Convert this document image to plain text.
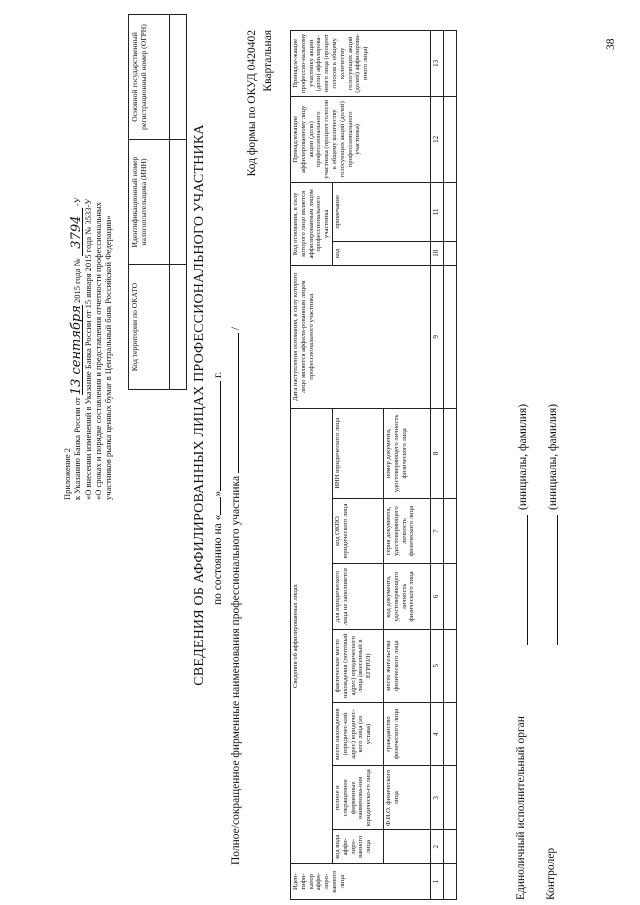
Приложение 2 к Указанию Банка России от 13 сентября 2015 года № 3794 -У «О внесении изменений в Указание Банка России от 15 января 2015 года № 3533-У «О сроках и порядке составления и представления отчетности профессиональных участников рынка ценных бумаг в Центральный банк Российской Федерации» Код территории по ОКАТО	Идентификационный номер налогоплательщика (ИНН)	Основной государственный регистрационный номер (ОГРН)

СВЕДЕНИЯ ОБ АФФИЛИРОВАННЫХ ЛИЦАХ ПРОФЕССИОНАЛЬНОГО УЧАСТНИКА по состоянию на «» г.
Полное/сокращенное фирменные наименования профессионального участника  /
Код формы по ОКУД 0420402 Квартальная
Иден-тифи-катор аффи-лиро-ванного лица	Сведения об аффилированных лицах							Дата наступления основания, в силу которого лицо является аффили-рованным лицом профессионального участника	Код основания, в силу которого лицо является аффилированным лицом профессионального участника		Принадлежащие аффилированному лицу акции (доли) профессионального участника (процент голосов к общему количеству голосующих акций (долей) профессионального участника)	Принадле-жащие профессио-нальному участнику акции (доли) аффилирова-нного лица (процент голосов к общему количеству голосующих акций (долей) аффилирова-нного лица)
	код вида аффи-лиро-ванного лица	полное и сокращенное фирменные наименова-ния юридическо-го лица	место нахождения (юридичес-кий адрес) юридичес-кого лица (из устава)	фактическое место нахождения (почтовый адрес) юридического лица (внесенный в ЕГРЮЛ)	для юридического лица не заполняется	код ОКПО юридического лица	ИНН юридического лица		код	примечание		
		Ф.И.О. физического лица	гражданство физического лица	место жительства физического лица	код документа, удостоверяющего личность физического лица	серия документа, удостоверяющего личность физического лица	номер документа, удостоверяющего личность физического лица					
1	2	3	4	5	6	7	8	9	10	11	12	13

Единоличный исполнительный орган
(инициалы, фамилия)
Контролер
(инициалы, фамилия)
38
